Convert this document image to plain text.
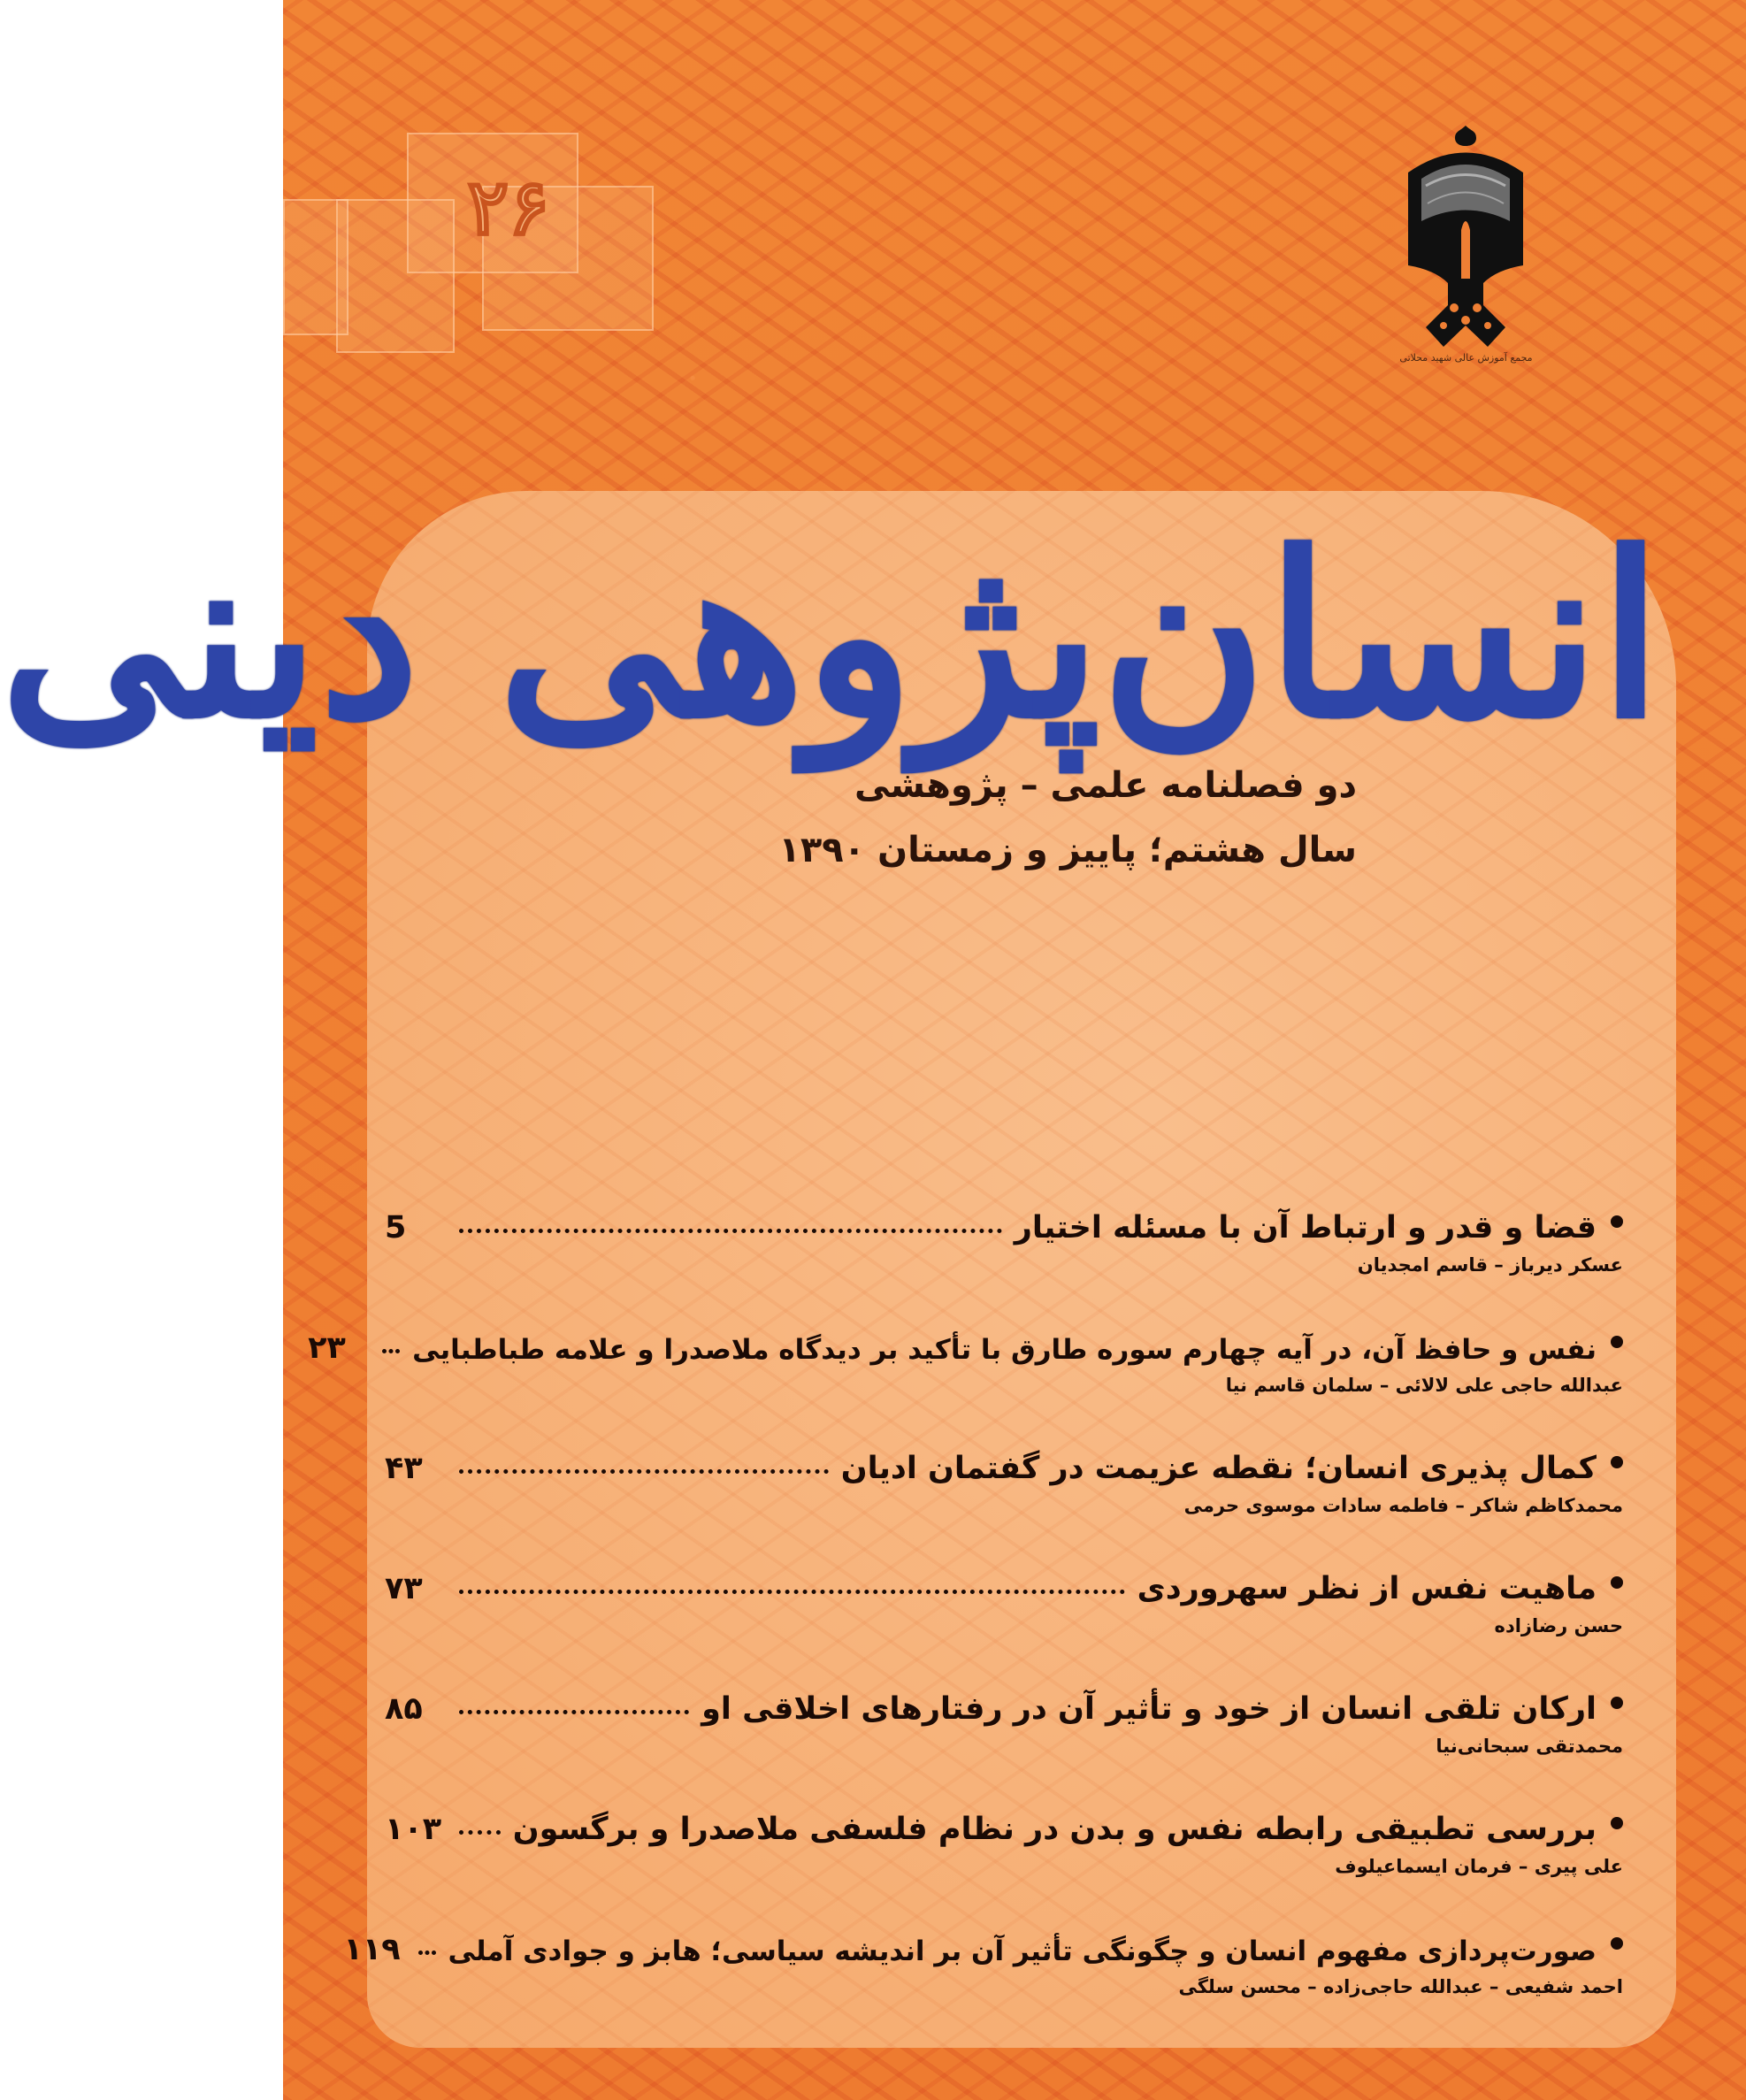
۲۶
مجمع آموزش عالی شهید محلاتی
انسان‌پژوهی دینی
دو فصلنامه علمی – پژوهشی
سال هشتم؛ پاییز و زمستان ۱۳۹۰
قضا و قدر و ارتباط آن با مسئله اختیار
5
عسکر دیرباز – قاسم امجدیان
نفس و حافظ آن، در آیه چهارم سوره طارق با تأکید بر دیدگاه ملاصدرا و علامه طباطبایی
۲۳
عبدالله حاجی علی لالائی – سلمان قاسم نیا
کمال پذیری انسان؛ نقطه عزیمت در گفتمان ادیان
۴۳
محمدکاظم شاکر – فاطمه سادات موسوی حرمی
ماهیت نفس از نظر سهروردی
۷۳
حسن رضازاده
ارکان تلقی انسان از خود و تأثیر آن در رفتارهای اخلاقی او
۸۵
محمدتقی سبحانی‌نیا
بررسی تطبیقی رابطه نفس و بدن در نظام فلسفی ملاصدرا و برگسون
۱۰۳
علی پیری – فرمان ایسماعیلوف
صورت‌پردازی مفهوم انسان و چگونگی تأثیر آن بر اندیشه سیاسی؛ هابز و جوادی آملی
۱۱۹
احمد شفیعی – عبدالله حاجی‌زاده – محسن سلگی
